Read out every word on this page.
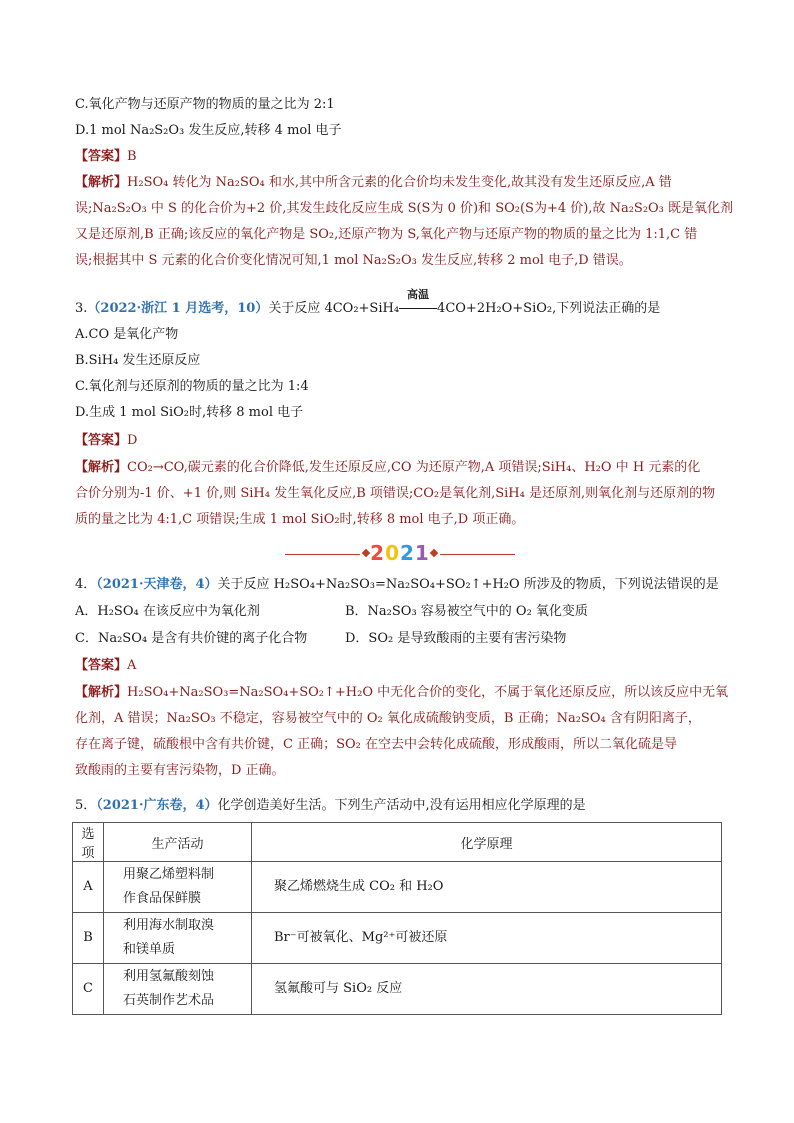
C.氧化产物与还原产物的物质的量之比为 2:1
D.1 mol Na₂S₂O₃ 发生反应,转移 4 mol 电子
【答案】B

【解析】H₂SO₄ 转化为 Na₂SO₄ 和水,其中所含元素的化合价均未发生变化,故其没有发生还原反应,A 错

误;Na₂S₂O₃ 中 S 的化合价为+2 价,其发生歧化反应生成 S(S为 0 价)和 SO₂(S为+4 价),故 Na₂S₂O₃ 既是氧化剂

又是还原剂,B 正确;该反应的氧化产物是 SO₂,还原产物为 S,氧化产物与还原产物的物质的量之比为 1:1,C 错

误;根据其中 S 元素的化合价变化情况可知,1 mol Na₂S₂O₃ 发生反应,转移 2 mol 电子,D 错误。

3.（2022·浙江 1 月选考，10）关于反应 4CO₂+SiH₄
高温
4CO+2H₂O+SiO₂,下列说法正确的是
A.CO 是氧化产物
B.SiH₄ 发生还原反应
C.氧化剂与还原剂的物质的量之比为 1:4
D.生成 1 mol SiO₂时,转移 8 mol 电子
【答案】D

【解析】CO₂→CO,碳元素的化合价降低,发生还原反应,CO 为还原产物,A 项错误;SiH₄、H₂O 中 H 元素的化

合价分别为-1 价、+1 价,则 SiH₄ 发生氧化反应,B 项错误;CO₂是氧化剂,SiH₄ 是还原剂,则氧化剂与还原剂的物

质的量之比为 4:1,C 项错误;生成 1 mol SiO₂时,转移 8 mol 电子,D 项正确。

2021
4．（2021·天津卷，4）关于反应 H₂SO₄+Na₂SO₃=Na₂SO₄+SO₂↑+H₂O 所涉及的物质，下列说法错误的是
A．H₂SO₄ 在该反应中为氧化剂	B．Na₂SO₃ 容易被空气中的 O₂ 氧化变质
C．Na₂SO₄ 是含有共价键的离子化合物	D．SO₂ 是导致酸雨的主要有害污染物
【答案】A

【解析】H₂SO₄+Na₂SO₃=Na₂SO₄+SO₂↑+H₂O 中无化合价的变化，不属于氧化还原反应，所以该反应中无氧

化剂，A 错误；Na₂SO₃ 不稳定，容易被空气中的 O₂ 氧化成硫酸钠变质，B 正确；Na₂SO₄ 含有阴阳离子，

存在离子键，硫酸根中含有共价键，C 正确；SO₂ 在空去中会转化成硫酸，形成酸雨，所以二氧化硫是导

致酸雨的主要有害污染物，D 正确。

5．（2021·广东卷，4）化学创造美好生活。下列生产活动中,没有运用相应化学原理的是
选项	生产活动	化学原理
A	用聚乙烯塑料制
作食品保鲜膜	聚乙烯燃烧生成 CO₂ 和 H₂O
B	利用海水制取溴
和镁单质	Br⁻可被氧化、Mg²⁺可被还原
C	利用氢氟酸刻蚀
石英制作艺术品	氢氟酸可与 SiO₂ 反应
